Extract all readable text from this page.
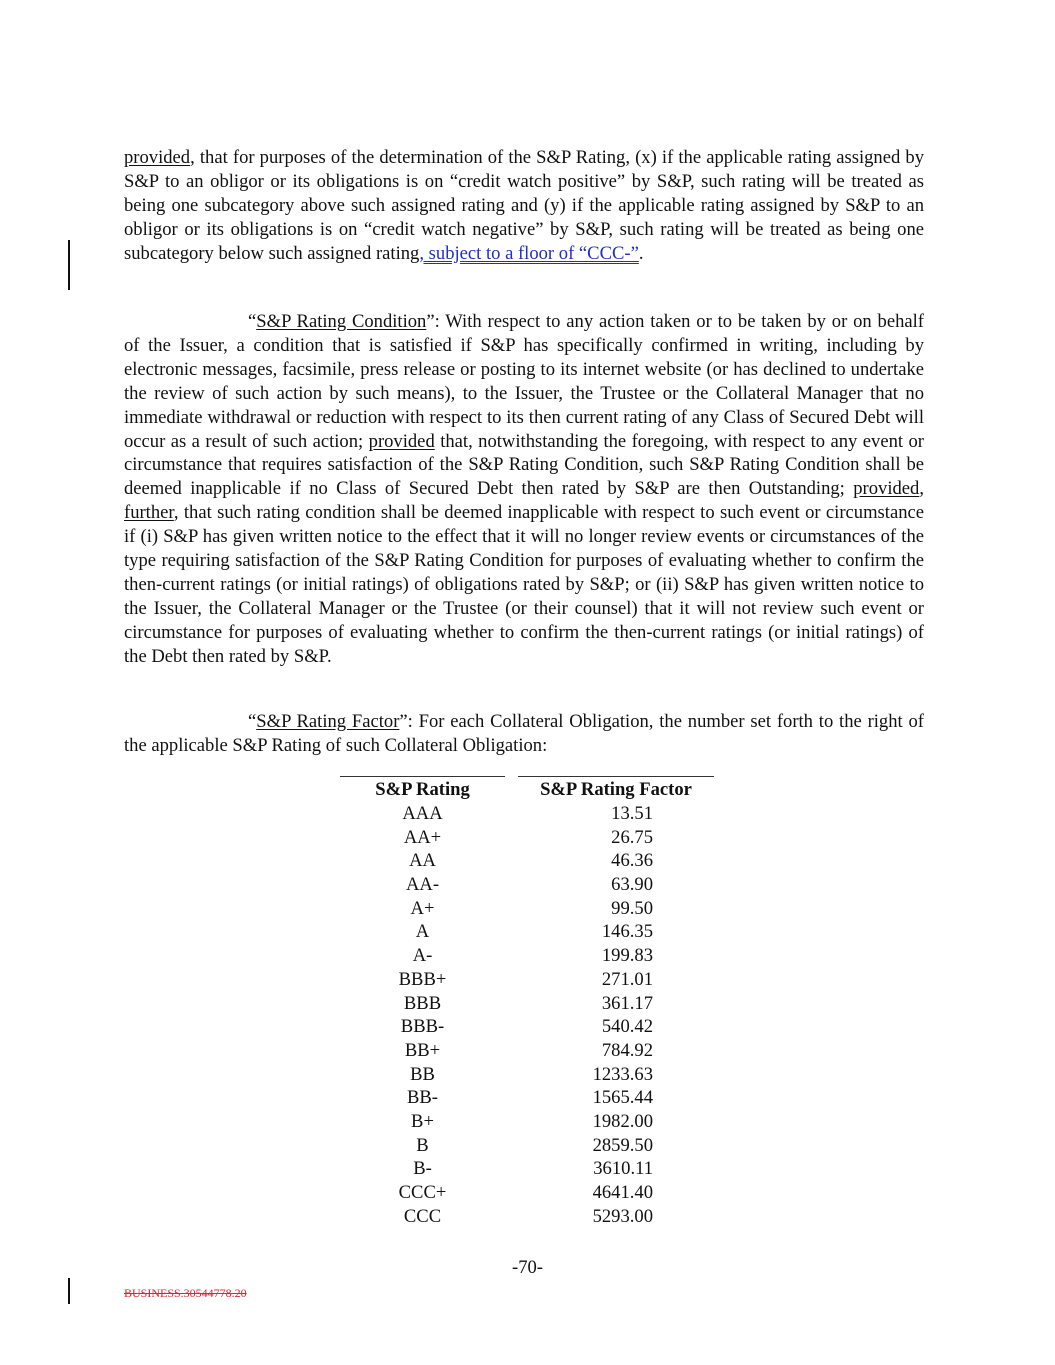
provided, that for purposes of the determination of the S&P Rating, (x) if the applicable rating assigned by S&P to an obligor or its obligations is on “credit watch positive” by S&P, such rating will be treated as being one subcategory above such assigned rating and (y) if the applicable rating assigned by S&P to an obligor or its obligations is on “credit watch negative” by S&P, such rating will be treated as being one subcategory below such assigned rating, subject to a floor of “CCC-”.

“S&P Rating Condition”: With respect to any action taken or to be taken by or on behalf of the Issuer, a condition that is satisfied if S&P has specifically confirmed in writing, including by electronic messages, facsimile, press release or posting to its internet website (or has declined to undertake the review of such action by such means), to the Issuer, the Trustee or the Collateral Manager that no immediate withdrawal or reduction with respect to its then current rating of any Class of Secured Debt will occur as a result of such action; provided that, notwithstanding the foregoing, with respect to any event or circumstance that requires satisfaction of the S&P Rating Condition, such S&P Rating Condition shall be deemed inapplicable if no Class of Secured Debt then rated by S&P are then Outstanding; provided, further, that such rating condition shall be deemed inapplicable with respect to such event or circumstance if (i) S&P has given written notice to the effect that it will no longer review events or circumstances of the type requiring satisfaction of the S&P Rating Condition for purposes of evaluating whether to confirm the then-current ratings (or initial ratings) of obligations rated by S&P; or (ii) S&P has given written notice to the Issuer, the Collateral Manager or the Trustee (or their counsel) that it will not review such event or circumstance for purposes of evaluating whether to confirm the then-current ratings (or initial ratings) of the Debt then rated by S&P.

“S&P Rating Factor”: For each Collateral Obligation, the number set forth to the right of the applicable S&P Rating of such Collateral Obligation:

S&P Rating	S&P Rating Factor
AAA	13.51
AA+	26.75
AA	46.36
AA-	63.90
A+	99.50
A	146.35
A-	199.83
BBB+	271.01
BBB	361.17
BBB-	540.42
BB+	784.92
BB	1233.63
BB-	1565.44
B+	1982.00
B	2859.50
B-	3610.11
CCC+	4641.40
CCC	5293.00
-70-
BUSINESS.30544778.20
